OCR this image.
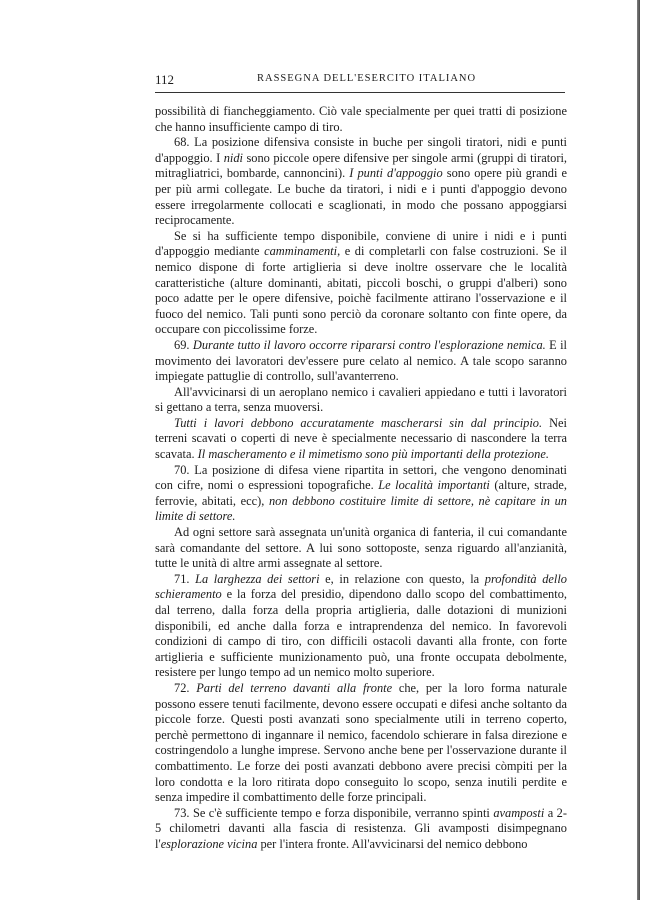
112	RASSEGNA DELL'ESERCITO ITALIANO

possibilità di fiancheggiamento. Ciò vale specialmente per quei tratti di posizione che hanno insufficiente campo di tiro.

68. La posizione difensiva consiste in buche per singoli tiratori, nidi e punti d'appoggio. I nidi sono piccole opere difensive per singole armi (gruppi di tiratori, mitragliatrici, bombarde, cannoncini). I punti d'appoggio sono opere più grandi e per più armi collegate. Le buche da tiratori, i nidi e i punti d'appoggio devono essere irregolarmente collocati e scaglionati, in modo che possano appoggiarsi reciprocamente.

Se si ha sufficiente tempo disponibile, conviene di unire i nidi e i punti d'appoggio mediante camminamenti, e di completarli con false costruzioni. Se il nemico dispone di forte artiglieria si deve inoltre osservare che le località caratteristiche (alture dominanti, abitati, piccoli boschi, o gruppi d'alberi) sono poco adatte per le opere difensive, poichè facilmente attirano l'osservazione e il fuoco del nemico. Tali punti sono perciò da coronare soltanto con finte opere, da occupare con piccolissime forze.

69. Durante tutto il lavoro occorre ripararsi contro l'esplorazione nemica. E il movimento dei lavoratori dev'essere pure celato al nemico. A tale scopo saranno impiegate pattuglie di controllo, sull'avanterreno.

All'avvicinarsi di un aeroplano nemico i cavalieri appiedano e tutti i lavoratori si gettano a terra, senza muoversi.

Tutti i lavori debbono accuratamente mascherarsi sin dal principio. Nei terreni scavati o coperti di neve è specialmente necessario di nascondere la terra scavata. Il mascheramento e il mimetismo sono più importanti della protezione.

70. La posizione di difesa viene ripartita in settori, che vengono denominati con cifre, nomi o espressioni topografiche. Le località importanti (alture, strade, ferrovie, abitati, ecc), non debbono costituire limite di settore, nè capitare in un limite di settore.

Ad ogni settore sarà assegnata un'unità organica di fanteria, il cui comandante sarà comandante del settore. A lui sono sottoposte, senza riguardo all'anzianità, tutte le unità di altre armi assegnate al settore.

71. La larghezza dei settori e, in relazione con questo, la profondità dello schieramento e la forza del presidio, dipendono dallo scopo del combattimento, dal terreno, dalla forza della propria artiglieria, dalle dotazioni di munizioni disponibili, ed anche dalla forza e intraprendenza del nemico. In favorevoli condizioni di campo di tiro, con difficili ostacoli davanti alla fronte, con forte artiglieria e sufficiente munizionamento può, una fronte occupata debolmente, resistere per lungo tempo ad un nemico molto superiore.

72. Parti del terreno davanti alla fronte che, per la loro forma naturale possono essere tenuti facilmente, devono essere occupati e difesi anche soltanto da piccole forze. Questi posti avanzati sono specialmente utili in terreno coperto, perchè permettono di ingannare il nemico, facendolo schierare in falsa direzione e costringendolo a lunghe imprese. Servono anche bene per l'osservazione durante il combattimento. Le forze dei posti avanzati debbono avere precisi còmpiti per la loro condotta e la loro ritirata dopo conseguito lo scopo, senza inutili perdite e senza impedire il combattimento delle forze principali.

73. Se c'è sufficiente tempo e forza disponibile, verranno spinti avamposti a 2-5 chilometri davanti alla fascia di resistenza. Gli avamposti disimpegnano l'esplorazione vicina per l'intera fronte. All'avvicinarsi del nemico debbono
